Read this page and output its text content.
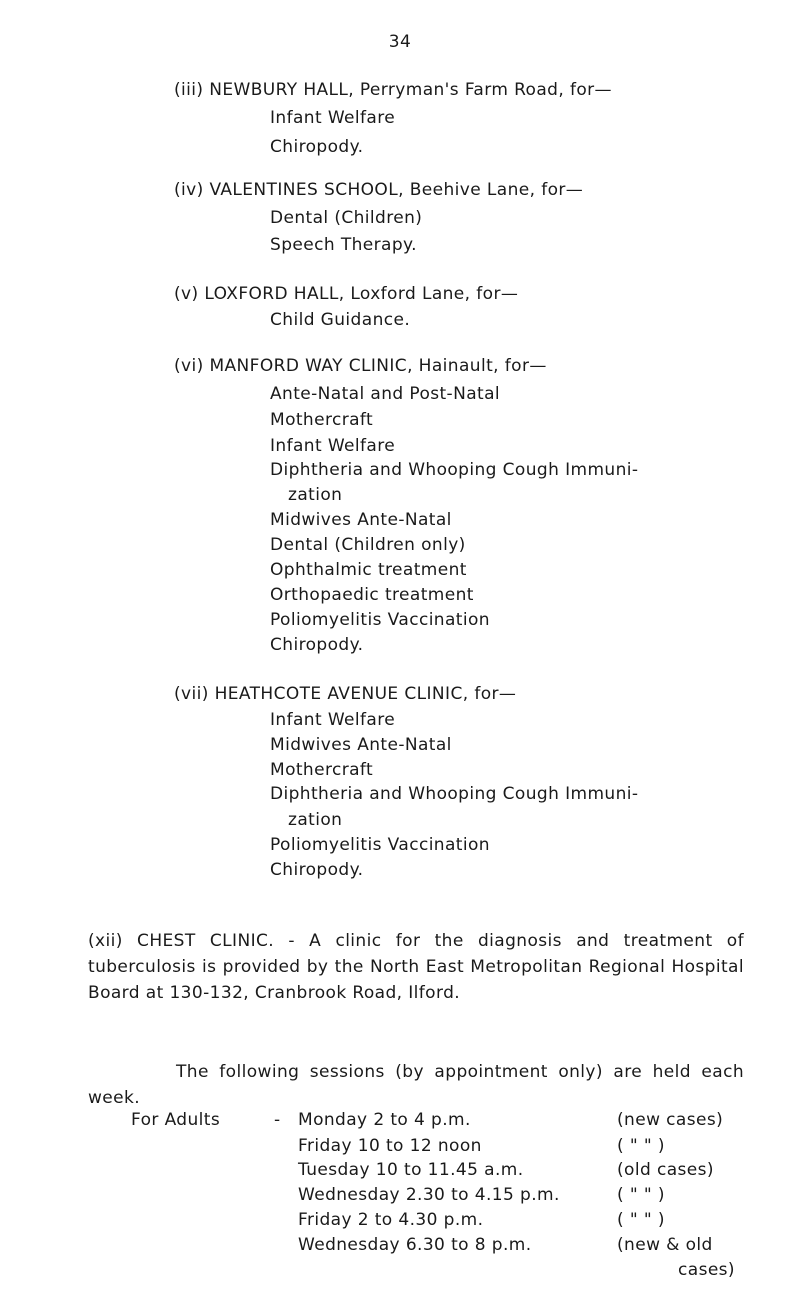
34
(iii) NEWBURY HALL, Perryman's Farm Road, for—
Infant Welfare
Chiropody.
(iv) VALENTINES SCHOOL, Beehive Lane, for—
Dental (Children)
Speech Therapy.
(v) LOXFORD HALL, Loxford Lane, for—
Child Guidance.
(vi) MANFORD WAY CLINIC, Hainault, for—
Ante-Natal and Post-Natal
Mothercraft
Infant Welfare
Diphtheria and Whooping Cough Immuni-
zation
Midwives Ante-Natal
Dental (Children only)
Ophthalmic treatment
Orthopaedic treatment
Poliomyelitis Vaccination
Chiropody.
(vii) HEATHCOTE AVENUE CLINIC, for—
Infant Welfare
Midwives Ante-Natal
Mothercraft
Diphtheria and Whooping Cough Immuni-
zation
Poliomyelitis Vaccination
Chiropody.
(xii) CHEST CLINIC. - A clinic for the diagnosis and treatment of tuberculosis is provided by the North East Metropolitan Regional Hospital Board at 130-132, Cranbrook Road, Ilford.
The following sessions (by appointment only) are held each week.
For Adults	- Monday 2 to 4 p.m.	(new cases)
Friday 10 to 12 noon	( " " )
Tuesday 10 to 11.45 a.m.	(old cases)
Wednesday 2.30 to 4.15 p.m.	( " " )
Friday 2 to 4.30 p.m.	( " " )
Wednesday 6.30 to 8 p.m.	(new & old
cases)
